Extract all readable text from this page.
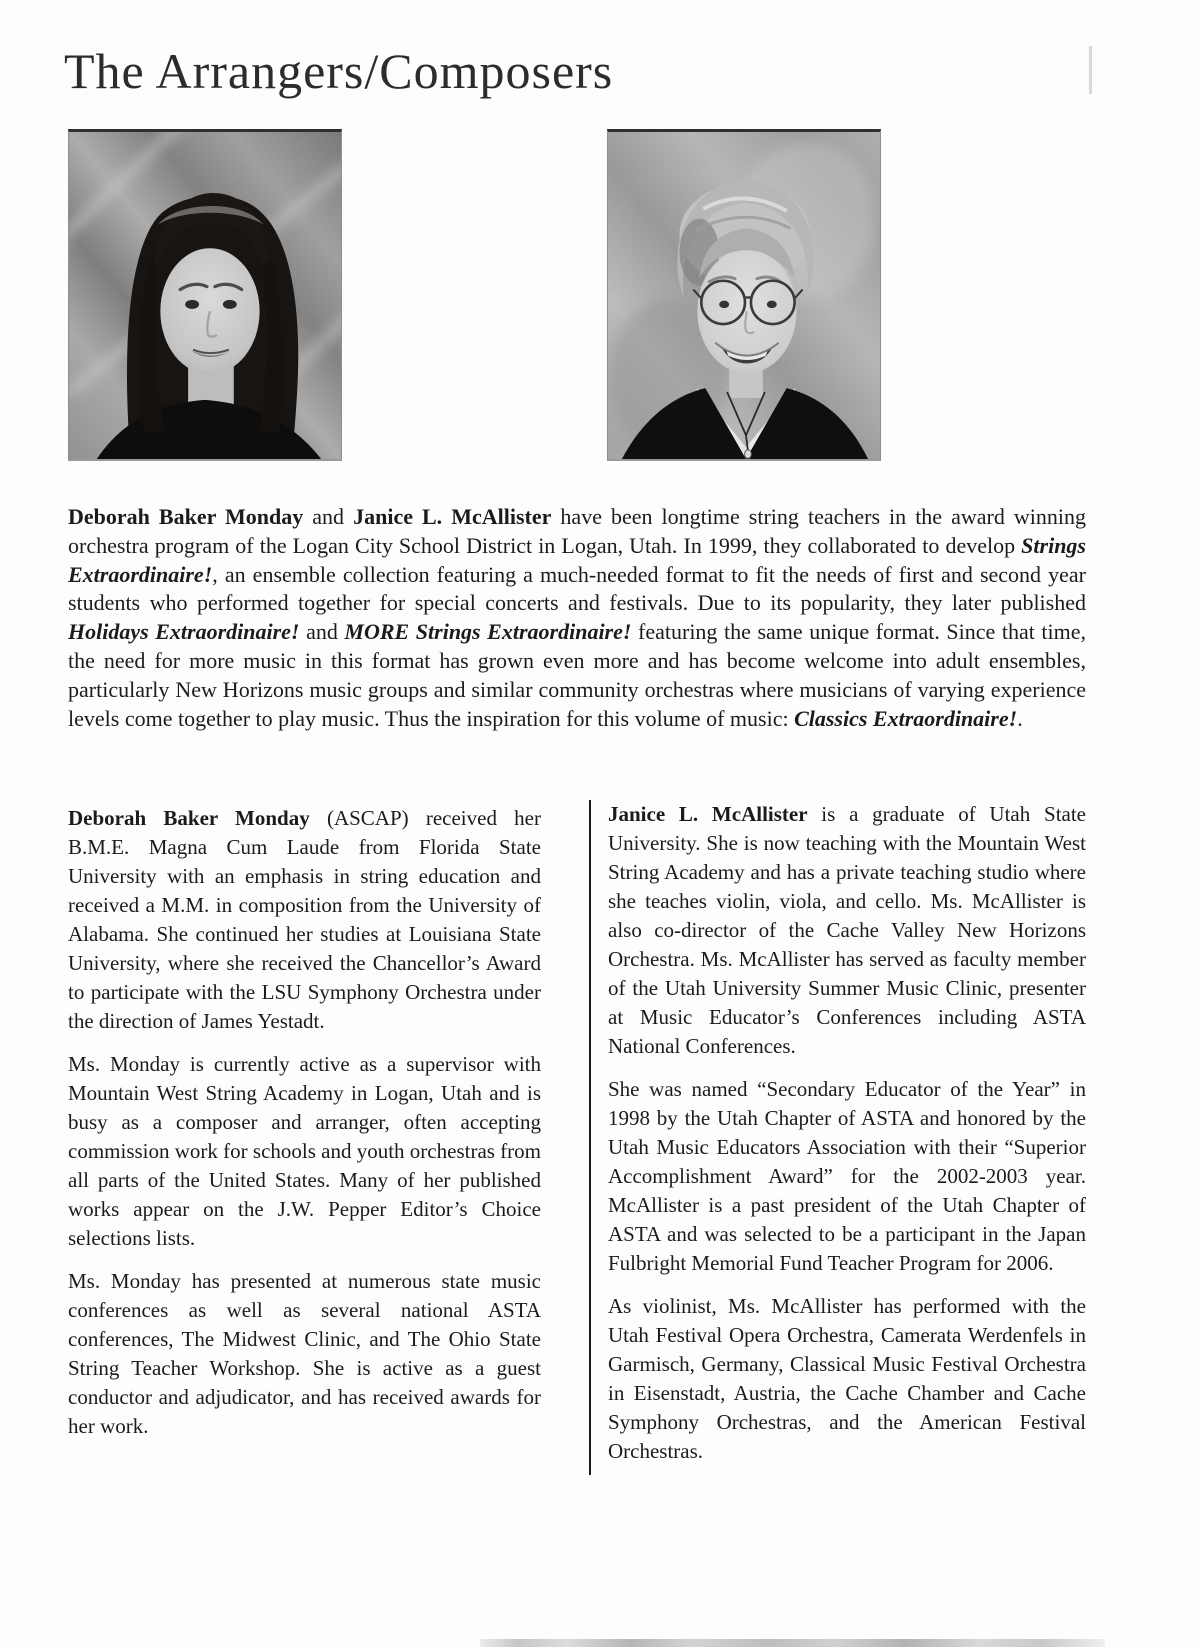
The Arrangers/Composers
Deborah Baker Monday and Janice L. McAllister have been longtime string teachers in the award winning orchestra program of the Logan City School District in Logan, Utah. In 1999, they collaborated to develop Strings Extraordinaire!, an ensemble collection featuring a much-needed format to fit the needs of first and second year students who performed together for special concerts and festivals. Due to its popularity, they later published Holidays Extraordinaire! and MORE Strings Extraordinaire! featuring the same unique format. Since that time, the need for more music in this format has grown even more and has become welcome into adult ensembles, particularly New Horizons music groups and similar community orchestras where musicians of varying experience levels come together to play music. Thus the inspiration for this volume of music: Classics Extraordinaire!.

Deborah Baker Monday (ASCAP) received her B.M.E. Magna Cum Laude from Florida State University with an emphasis in string education and received a M.M. in composition from the University of Alabama. She continued her studies at Louisiana State University, where she received the Chancellor’s Award to participate with the LSU Symphony Orchestra under the direction of James Yestadt.

Ms. Monday is currently active as a supervisor with Mountain West String Academy in Logan, Utah and is busy as a composer and arranger, often accepting commission work for schools and youth orchestras from all parts of the United States. Many of her published works appear on the J.W. Pepper Editor’s Choice selections lists.

Ms. Monday has presented at numerous state music conferences as well as several national ASTA conferences, The Midwest Clinic, and The Ohio State String Teacher Workshop. She is active as a guest conductor and adjudicator, and has received awards for her work.

Janice L. McAllister is a graduate of Utah State University. She is now teaching with the Mountain West String Academy and has a private teaching studio where she teaches violin, viola, and cello. Ms. McAllister is also co-director of the Cache Valley New Horizons Orchestra. Ms. McAllister has served as faculty member of the Utah University Summer Music Clinic, presenter at Music Educator’s Conferences including ASTA National Conferences.

She was named “Secondary Educator of the Year” in 1998 by the Utah Chapter of ASTA and honored by the Utah Music Educators Association with their “Superior Accomplishment Award” for the 2002-2003 year. McAllister is a past president of the Utah Chapter of ASTA and was selected to be a participant in the Japan Fulbright Memorial Fund Teacher Program for 2006.

As violinist, Ms. McAllister has performed with the Utah Festival Opera Orchestra, Camerata Werdenfels in Garmisch, Germany, Classical Music Festival Orchestra in Eisenstadt, Austria, the Cache Chamber and Cache Symphony Orchestras, and the American Festival Orchestras.
